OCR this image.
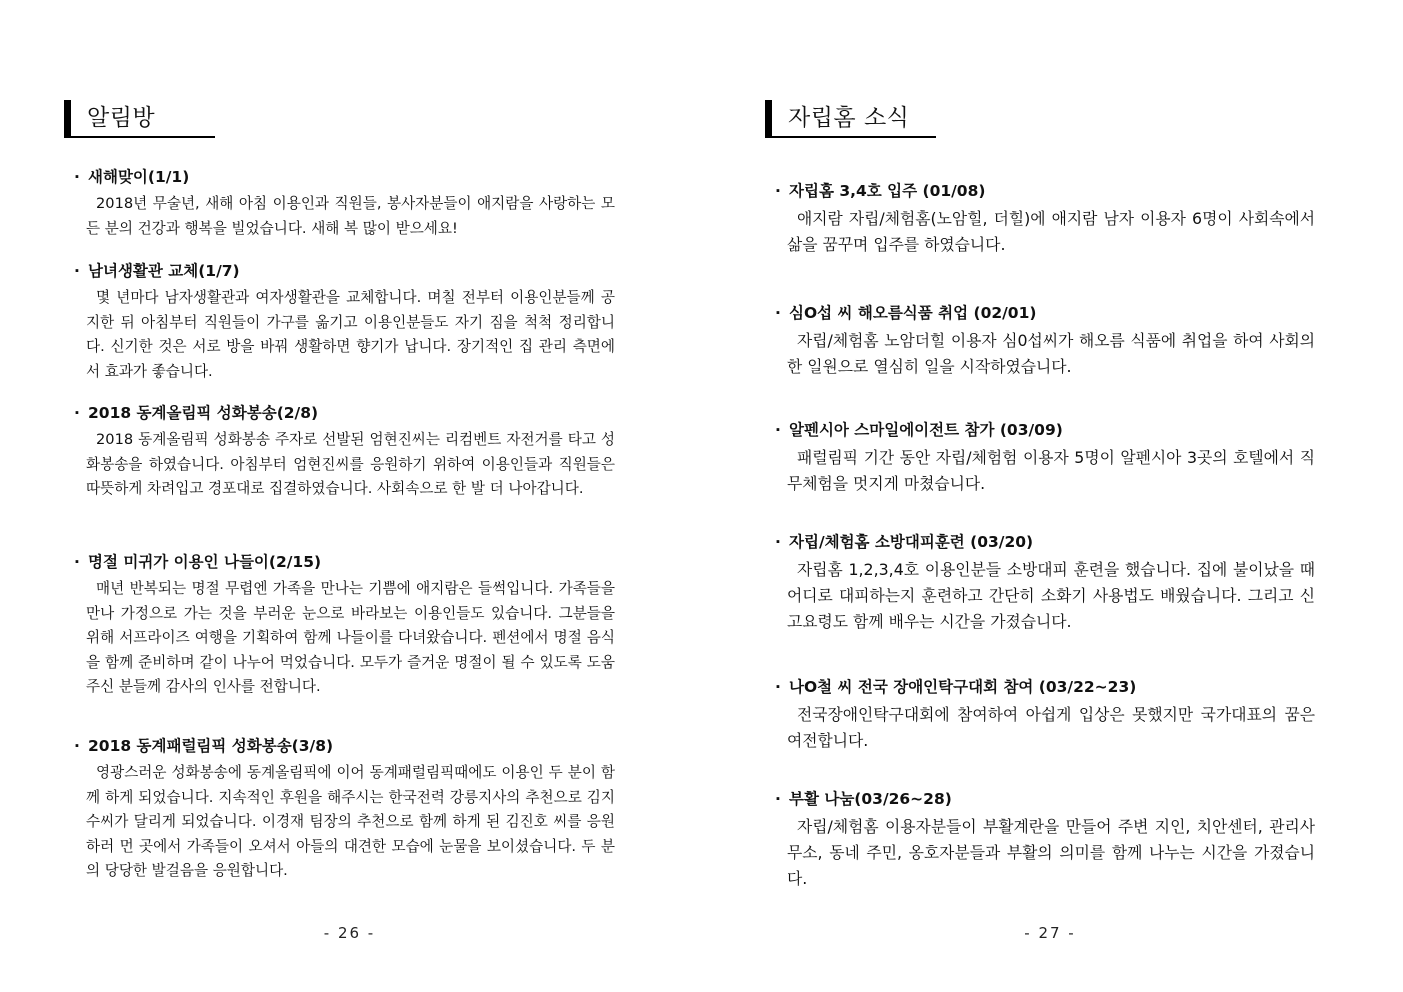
알림방
· 새해맞이(1/1)
2018년 무술년, 새해 아침 이용인과 직원들, 봉사자분들이 애지람을 사랑하는 모든 분의 건강과 행복을 빌었습니다. 새해 복 많이 받으세요!
· 남녀생활관 교체(1/7)
몇 년마다 남자생활관과 여자생활관을 교체합니다. 며칠 전부터 이용인분들께 공지한 뒤 아침부터 직원들이 가구를 옮기고 이용인분들도 자기 짐을 척척 정리합니다. 신기한 것은 서로 방을 바꿔 생활하면 향기가 납니다. 장기적인 집 관리 측면에서 효과가 좋습니다.
· 2018 동계올림픽 성화봉송(2/8)
2018 동계올림픽 성화봉송 주자로 선발된 엄현진씨는 리컴벤트 자전거를 타고 성화봉송을 하였습니다. 아침부터 엄현진씨를 응원하기 위하여 이용인들과 직원들은 따뜻하게 차려입고 경포대로 집결하였습니다. 사회속으로 한 발 더 나아갑니다.
· 명절 미귀가 이용인 나들이(2/15)
매년 반복되는 명절 무렵엔 가족을 만나는 기쁨에 애지람은 들썩입니다. 가족들을 만나 가정으로 가는 것을 부러운 눈으로 바라보는 이용인들도 있습니다. 그분들을 위해 서프라이즈 여행을 기획하여 함께 나들이를 다녀왔습니다. 펜션에서 명절 음식을 함께 준비하며 같이 나누어 먹었습니다. 모두가 즐거운 명절이 될 수 있도록 도움주신 분들께 감사의 인사를 전합니다.
· 2018 동계패럴림픽 성화봉송(3/8)
영광스러운 성화봉송에 동계올림픽에 이어 동계패럴림픽때에도 이용인 두 분이 함께 하게 되었습니다. 지속적인 후원을 해주시는 한국전력 강릉지사의 추천으로 김지수씨가 달리게 되었습니다. 이경재 팀장의 추천으로 함께 하게 된 김진호 씨를 응원하러 먼 곳에서 가족들이 오셔서 아들의 대견한 모습에 눈물을 보이셨습니다. 두 분의 당당한 발걸음을 응원합니다.
- 26 -
자립홈 소식
· 자립홈 3,4호 입주 (01/08)
애지람 자립/체험홈(노암힐, 더힐)에 애지람 남자 이용자 6명이 사회속에서 삶을 꿈꾸며 입주를 하였습니다.
· 심O섭 씨 해오름식품 취업 (02/01)
자립/체험홈 노암더힐 이용자 심0섭씨가 해오름 식품에 취업을 하여 사회의 한 일원으로 열심히 일을 시작하였습니다.
· 알펜시아 스마일에이전트 참가 (03/09)
패럴림픽 기간 동안 자립/체험험 이용자 5명이 알펜시아 3곳의 호텔에서 직무체험을 멋지게 마쳤습니다.
· 자립/체험홈 소방대피훈련 (03/20)
자립홈 1,2,3,4호 이용인분들 소방대피 훈련을 했습니다. 집에 불이났을 때 어디로 대피하는지 훈련하고 간단히 소화기 사용법도 배웠습니다. 그리고 신고요령도 함께 배우는 시간을 가졌습니다.
· 나O철 씨 전국 장애인탁구대회 참여 (03/22~23)
전국장애인탁구대회에 참여하여 아쉽게 입상은 못했지만 국가대표의 꿈은 여전합니다.
· 부활 나눔(03/26~28)
자립/체험홈 이용자분들이 부활계란을 만들어 주변 지인, 치안센터, 관리사무소, 동네 주민, 옹호자분들과 부활의 의미를 함께 나누는 시간을 가졌습니다.
- 27 -
